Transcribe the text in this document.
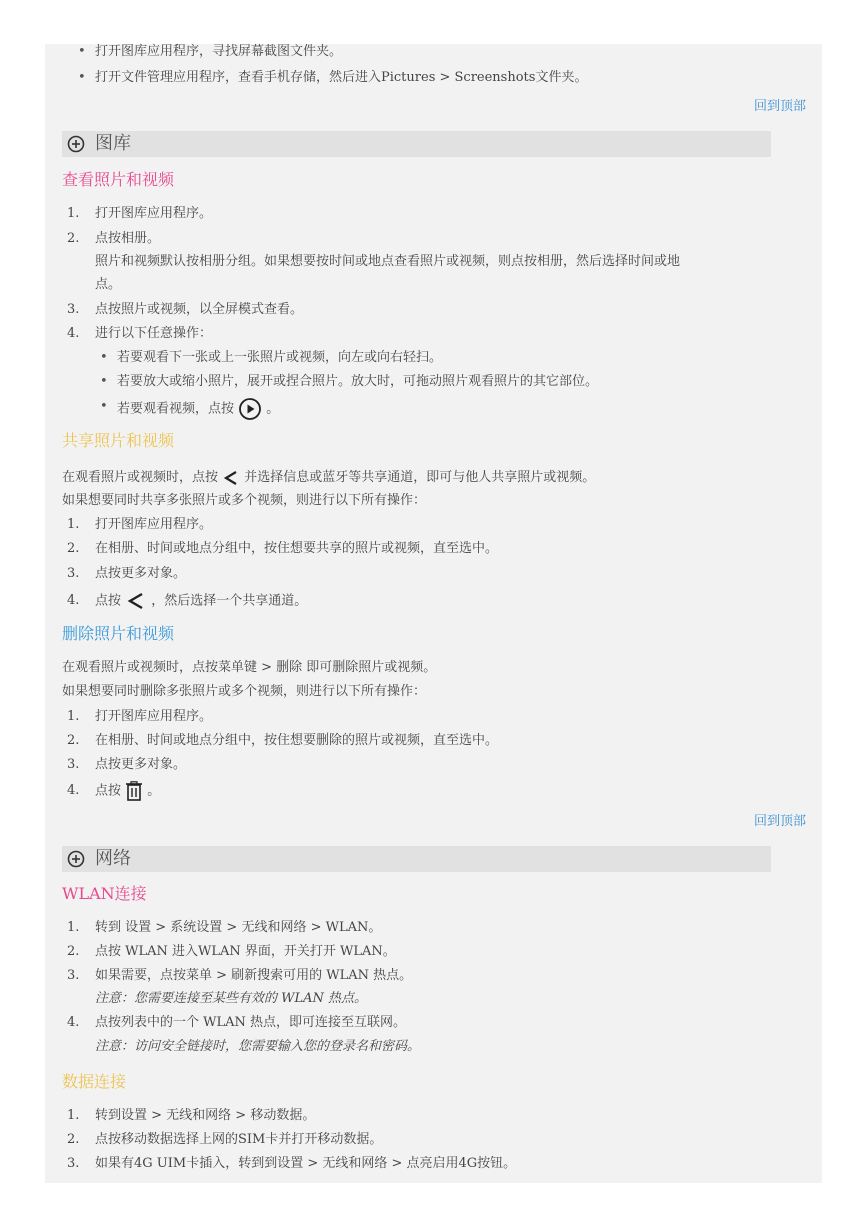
• 打开图库应用程序，寻找屏幕截图文件夹。
• 打开文件管理应用程序，查看手机存储，然后进入Pictures > Screenshots文件夹。
回到顶部
图库
查看照片和视频
1.	打开图库应用程序。
2.	点按相册。
照片和视频默认按相册分组。如果想要按时间或地点查看照片或视频，则点按相册，然后选择时间或地
点。
3.	点按照片或视频，以全屏模式查看。
4.	进行以下任意操作：
• 若要观看下一张或上一张照片或视频，向左或向右轻扫。
• 若要放大或缩小照片，展开或捏合照片。放大时，可拖动照片观看照片的其它部位。
• 若要观看视频，点按 。
共享照片和视频
在观看照片或视频时，点按 并选择信息或蓝牙等共享通道，即可与他人共享照片或视频。
如果想要同时共享多张照片或多个视频，则进行以下所有操作：
1.	打开图库应用程序。
2.	在相册、时间或地点分组中，按住想要共享的照片或视频，直至选中。
3.	点按更多对象。
4.	点按 ，然后选择一个共享通道。
删除照片和视频
在观看照片或视频时，点按菜单键 > 删除 即可删除照片或视频。
如果想要同时删除多张照片或多个视频，则进行以下所有操作：
1.	打开图库应用程序。
2.	在相册、时间或地点分组中，按住想要删除的照片或视频，直至选中。
3.	点按更多对象。
4.	点按 。
回到顶部
网络
WLAN连接
1.	转到 设置 > 系统设置 > 无线和网络 > WLAN。
2.	点按 WLAN 进入WLAN 界面，开关打开 WLAN。
3.	如果需要，点按菜单 > 刷新搜索可用的 WLAN 热点。
注意：您需要连接至某些有效的 WLAN 热点。
4.	点按列表中的一个 WLAN 热点，即可连接至互联网。
注意：访问安全链接时，您需要输入您的登录名和密码。
数据连接
1.	转到设置 > 无线和网络 > 移动数据。
2.	点按移动数据选择上网的SIM卡并打开移动数据。
3.	如果有4G UIM卡插入，转到到设置 > 无线和网络 > 点亮启用4G按钮。
